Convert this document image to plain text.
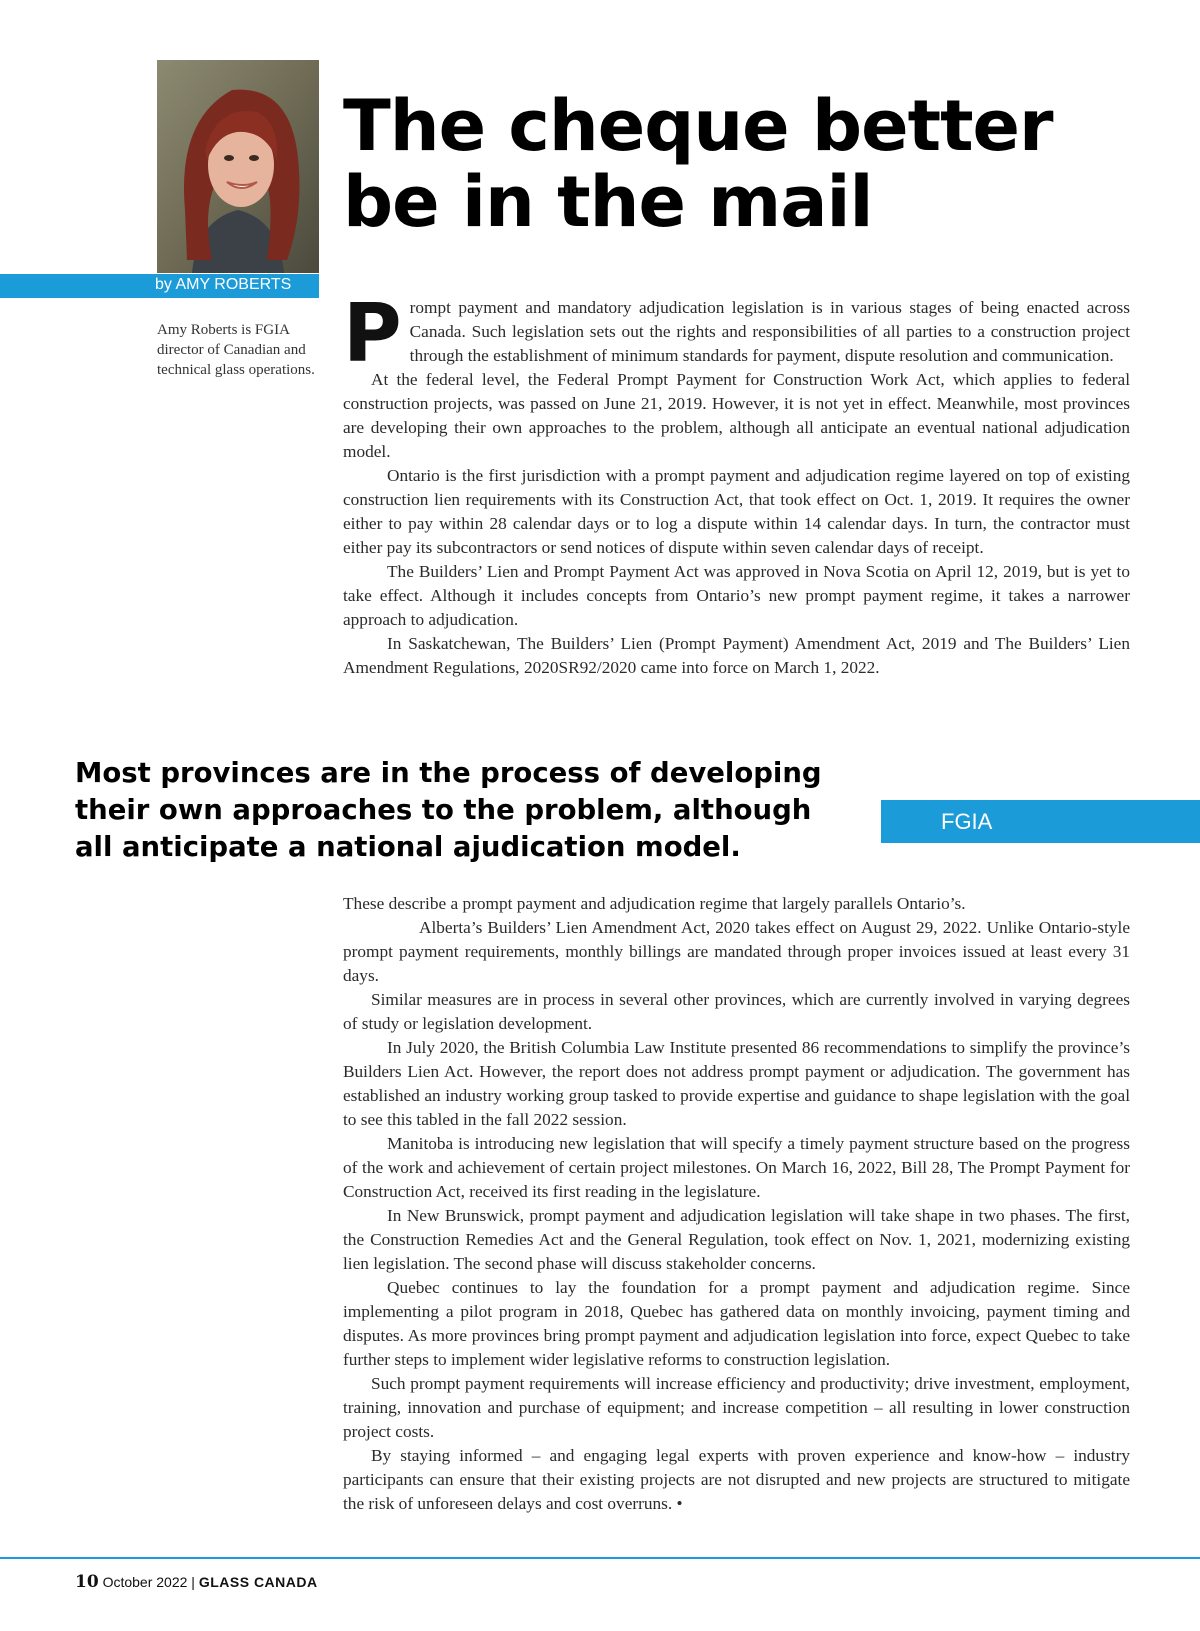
by AMY ROBERTS
Amy Roberts is FGIA director of Canadian and technical glass operations.
The cheque better
be in the mail

Prompt payment and mandatory adjudication legislation is in various stages of being enacted across Canada. Such legislation sets out the rights and responsibilities of all parties to a construction project through the establishment of minimum standards for payment, dispute resolution and communication.

At the federal level, the Federal Prompt Payment for Construction Work Act, which applies to federal construction projects, was passed on June 21, 2019. However, it is not yet in effect. Meanwhile, most provinces are developing their own approaches to the problem, although all anticipate an eventual national adjudication model.

Ontario is the first jurisdiction with a prompt payment and adjudication regime layered on top of existing construction lien requirements with its Construction Act, that took effect on Oct. 1, 2019. It requires the owner either to pay within 28 calendar days or to log a dispute within 14 calendar days. In turn, the contractor must either pay its subcontractors or send notices of dispute within seven calendar days of receipt.

The Builders’ Lien and Prompt Payment Act was approved in Nova Scotia on April 12, 2019, but is yet to take effect. Although it includes concepts from Ontario’s new prompt payment regime, it takes a narrower approach to adjudication.

In Saskatchewan, The Builders’ Lien (Prompt Payment) Amendment Act, 2019 and The Builders’ Lien Amendment Regulations, 2020SR92/2020 came into force on March 1, 2022.

Most provinces are in the process of developing their own approaches to the problem, although all anticipate a national ajudication model.

FGIA

These describe a prompt payment and adjudication regime that largely parallels Ontario’s.

Alberta’s Builders’ Lien Amendment Act, 2020 takes effect on August 29, 2022. Unlike Ontario-style prompt payment requirements, monthly billings are mandated through proper invoices issued at least every 31 days.

Similar measures are in process in several other provinces, which are currently involved in varying degrees of study or legislation development.

In July 2020, the British Columbia Law Institute presented 86 recommendations to simplify the province’s Builders Lien Act. However, the report does not address prompt payment or adjudication. The government has established an industry working group tasked to provide expertise and guidance to shape legislation with the goal to see this tabled in the fall 2022 session.

Manitoba is introducing new legislation that will specify a timely payment structure based on the progress of the work and achievement of certain project milestones. On March 16, 2022, Bill 28, The Prompt Payment for Construction Act, received its first reading in the legislature.

In New Brunswick, prompt payment and adjudication legislation will take shape in two phases. The first, the Construction Remedies Act and the General Regulation, took effect on Nov. 1, 2021, modernizing existing lien legislation. The second phase will discuss stakeholder concerns.

Quebec continues to lay the foundation for a prompt payment and adjudication regime. Since implementing a pilot program in 2018, Quebec has gathered data on monthly invoicing, payment timing and disputes. As more provinces bring prompt payment and adjudication legislation into force, expect Quebec to take further steps to implement wider legislative reforms to construction legislation.

Such prompt payment requirements will increase efficiency and productivity; drive investment, employment, training, innovation and purchase of equipment; and increase competition – all resulting in lower construction project costs.

By staying informed – and engaging legal experts with proven experience and know-how – industry participants can ensure that their existing projects are not disrupted and new projects are structured to mitigate the risk of unforeseen delays and cost overruns. •

10 October 2022 | GLASS CANADA
